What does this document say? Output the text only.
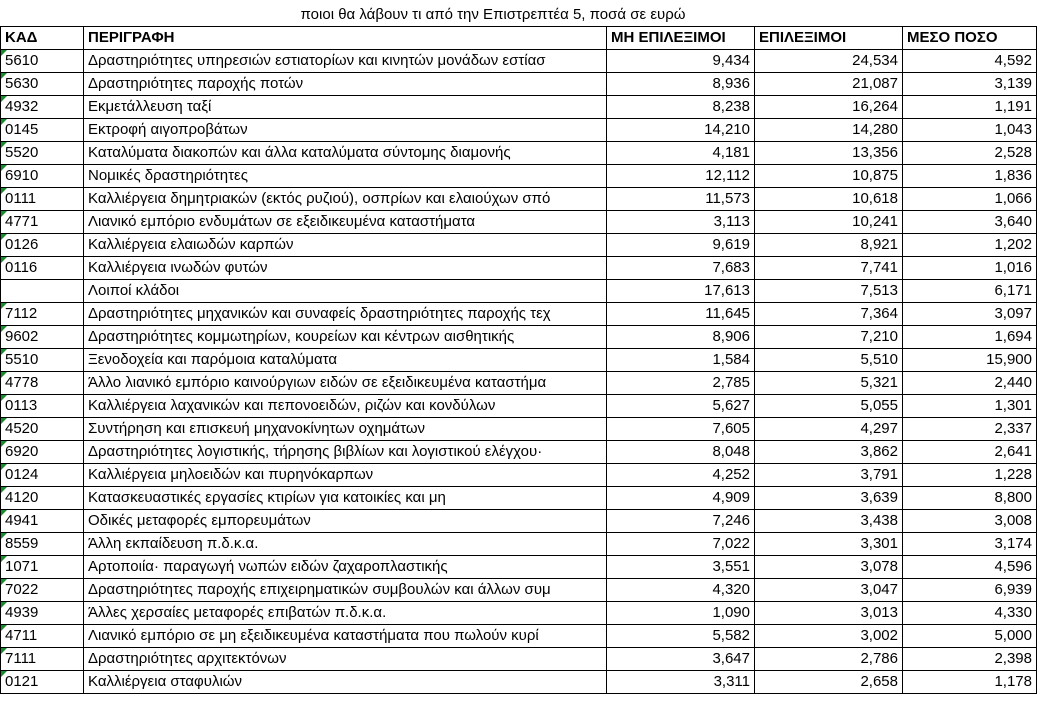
ποιοι θα λάβουν τι από την Επιστρεπτέα 5, ποσά σε ευρώ
ΚΑΔ	ΠΕΡΙΓΡΑΦΗ	ΜΗ ΕΠΙΛΕΞΙΜΟΙ	ΕΠΙΛΕΞΙΜΟΙ	ΜΕΣΟ ΠΟΣΟ

5610	Δραστηριότητες υπηρεσιών εστιατορίων και κινητών μονάδων εστίασ	9,434	24,534	4,592

5630	Δραστηριότητες παροχής ποτών	8,936	21,087	3,139

4932	Εκμετάλλευση ταξί	8,238	16,264	1,191

0145	Εκτροφή αιγοπροβάτων	14,210	14,280	1,043

5520	Καταλύματα διακοπών και άλλα καταλύματα σύντομης διαμονής	4,181	13,356	2,528

6910	Νομικές δραστηριότητες	12,112	10,875	1,836

0111	Καλλιέργεια δημητριακών (εκτός ρυζιού), οσπρίων και ελαιούχων σπό	11,573	10,618	1,066

4771	Λιανικό εμπόριο ενδυμάτων σε εξειδικευμένα καταστήματα	3,113	10,241	3,640

0126	Καλλιέργεια ελαιωδών καρπών	9,619	8,921	1,202

0116	Καλλιέργεια ινωδών φυτών	7,683	7,741	1,016
	Λοιποί κλάδοι	17,613	7,513	6,171

7112	Δραστηριότητες μηχανικών και συναφείς δραστηριότητες παροχής τεχ	11,645	7,364	3,097

9602	Δραστηριότητες κομμωτηρίων, κουρείων και κέντρων αισθητικής	8,906	7,210	1,694

5510	Ξενοδοχεία και παρόμοια καταλύματα	1,584	5,510	15,900

4778	Άλλο λιανικό εμπόριο καινούργιων ειδών σε εξειδικευμένα καταστήμα	2,785	5,321	2,440

0113	Καλλιέργεια λαχανικών και πεπονοειδών, ριζών και κονδύλων	5,627	5,055	1,301

4520	Συντήρηση και επισκευή μηχανοκίνητων οχημάτων	7,605	4,297	2,337

6920	Δραστηριότητες λογιστικής, τήρησης βιβλίων και λογιστικού ελέγχου·	8,048	3,862	2,641

0124	Καλλιέργεια μηλοειδών και πυρηνόκαρπων	4,252	3,791	1,228

4120	Κατασκευαστικές εργασίες κτιρίων για κατοικίες και μη	4,909	3,639	8,800

4941	Οδικές μεταφορές εμπορευμάτων	7,246	3,438	3,008

8559	Άλλη εκπαίδευση π.δ.κ.α.	7,022	3,301	3,174

1071	Αρτοποιία· παραγωγή νωπών ειδών ζαχαροπλαστικής	3,551	3,078	4,596

7022	Δραστηριότητες παροχής επιχειρηματικών συμβουλών και άλλων συμ	4,320	3,047	6,939

4939	Άλλες χερσαίες μεταφορές επιβατών π.δ.κ.α.	1,090	3,013	4,330

4711	Λιανικό εμπόριο σε μη εξειδικευμένα καταστήματα που πωλούν κυρί	5,582	3,002	5,000

7111	Δραστηριότητες αρχιτεκτόνων	3,647	2,786	2,398

0121	Καλλιέργεια σταφυλιών	3,311	2,658	1,178
